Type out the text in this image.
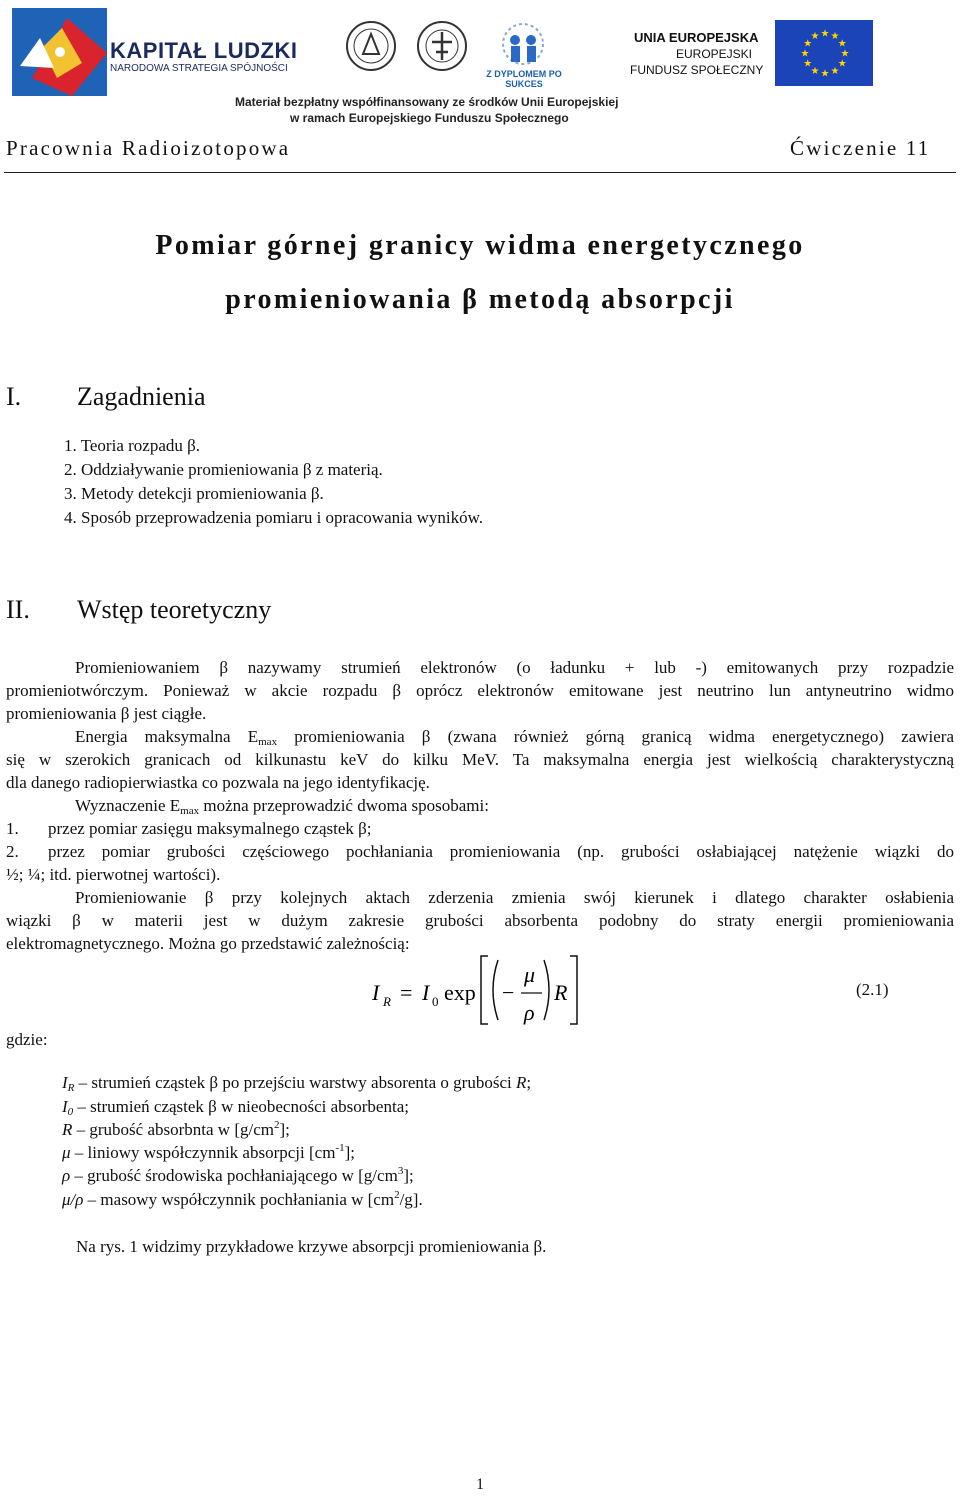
KAPITAŁ LUDZKI
NARODOWA STRATEGIA SPÓJNOŚCI	Z DYPLOMEM PO SUKCES
UNIA EUROPEJSKA
EUROPEJSKI
FUNDUSZ SPOŁECZNY
★
★
★
★
★
★
★
★
★ ★ ★
★
Materiał bezpłatny współfinansowany ze środków Unii Europejskiej
w ramach Europejskiego Funduszu Społecznego
Pracownia Radioizotopowa	Ćwiczenie 11
Pomiar górnej granicy widma energetycznego
promieniowania β metodą absorpcji
I. Zagadnienia
1. Teoria rozpadu β.
2. Oddziaływanie promieniowania β z materią.
3. Metody detekcji promieniowania β.
4. Sposób przeprowadzenia pomiaru i opracowania wyników.
II. Wstęp teoretyczny
Promieniowaniem β nazywamy strumień elektronów (o ładunku + lub -) emitowanych przy rozpadzie
promieniotwórczym. Ponieważ w akcie rozpadu β oprócz elektronów emitowane jest neutrino lun antyneutrino widmo
promieniowania β jest ciągłe.
Energia maksymalna $E_{max}$ promieniowania β (zwana również górną granicą widma energetycznego) zawiera
się w szerokich granicach od kilkunastu keV do kilku MeV. Ta maksymalna energia jest wielkością charakterystyczną
dla danego radiopierwiastka co pozwala na jego identyfikację.
Wyznaczenie $E_{max}$ można przeprowadzić dwoma sposobami:
1. przez pomiar zasięgu maksymalnego cząstek β;
2. przez pomiar grubości częściowego pochłaniania promieniowania (np. grubości osłabiającej natężenie wiązki do
½; ¼; itd. pierwotnej wartości).
Promieniowanie β przy kolejnych aktach zderzenia zmienia swój kierunek i dlatego charakter osłabienia
wiązki β w materii jest w dużym zakresie grubości absorbenta podobny do straty energii promieniowania
elektromagnetycznego. Można go przedstawić zależnością:
I R = I 0 exp −
μ
ρ
R	(2.1)
gdzie:
$I_R$ – strumień cząstek β po przejściu warstwy absorenta o grubości R;
$I_0$ – strumień cząstek β w nieobecności absorbenta;
R – grubość absorbnta w $[g/cm^2]$;
μ – liniowy współczynnik absorpcji $[cm^{-1}]$;
ρ – grubość środowiska pochłaniającego w $[g/cm^3]$;
μ/ρ – masowy współczynnik pochłaniania w $[cm^2/g]$.
Na rys. 1 widzimy przykładowe krzywe absorpcji promieniowania β.
1
